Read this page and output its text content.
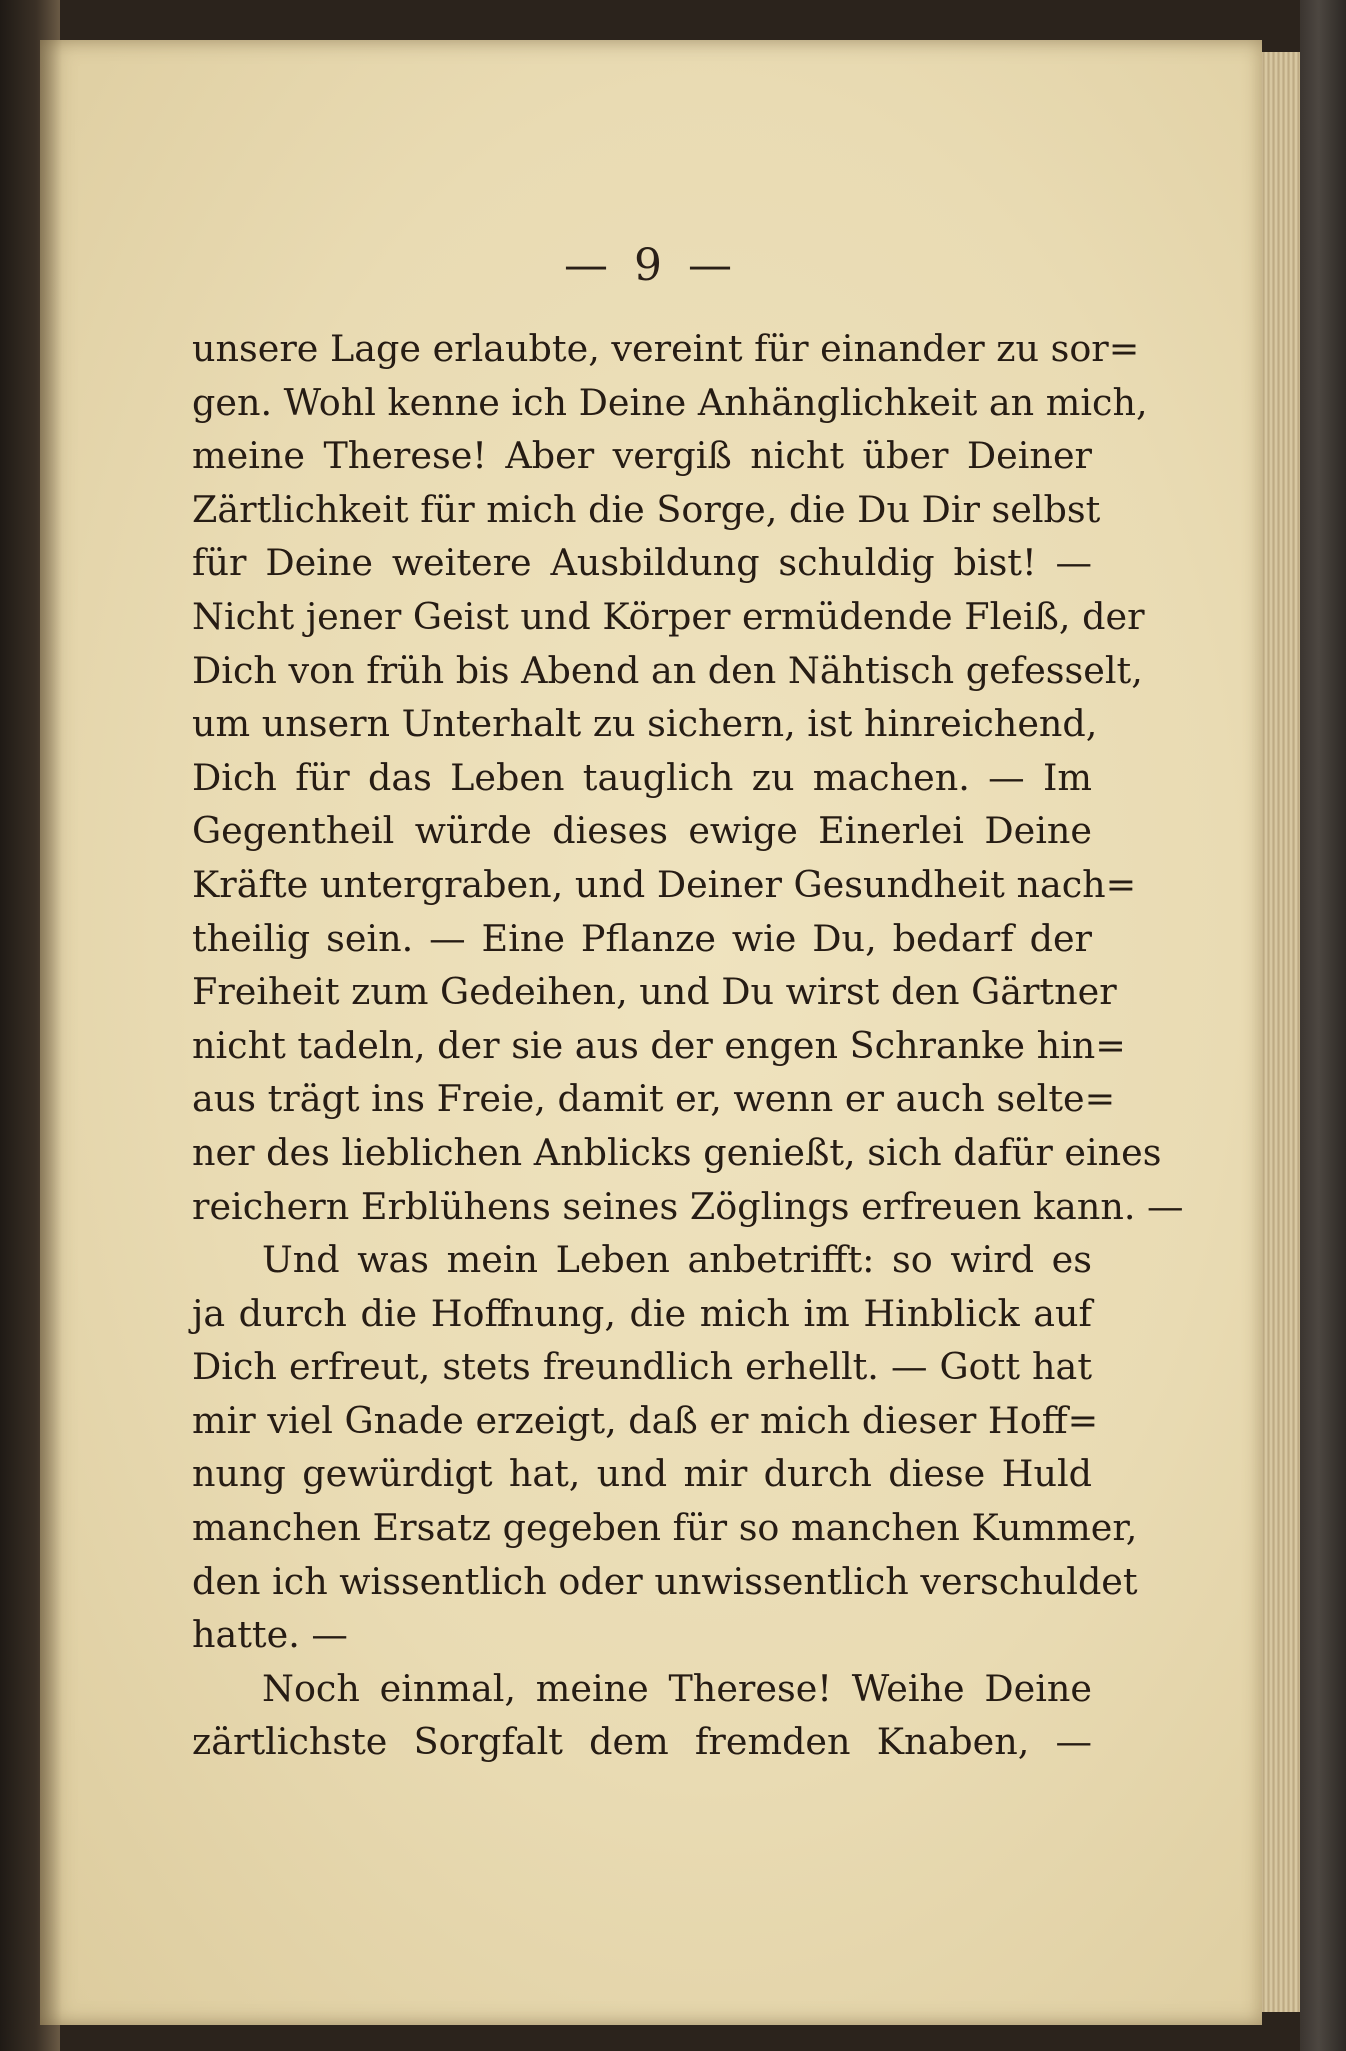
— 9 —
unsere Lage erlaubte, vereint für einander zu sor=
gen. Wohl kenne ich Deine Anhänglichkeit an mich,
meine Therese! Aber vergiß nicht über Deiner
Zärtlichkeit für mich die Sorge, die Du Dir selbst
für Deine weitere Ausbildung schuldig bist! —
Nicht jener Geist und Körper ermüdende Fleiß, der
Dich von früh bis Abend an den Nähtisch gefesselt,
um unsern Unterhalt zu sichern, ist hinreichend,
Dich für das Leben tauglich zu machen. — Im
Gegentheil würde dieses ewige Einerlei Deine
Kräfte untergraben, und Deiner Gesundheit nach=
theilig sein. — Eine Pflanze wie Du, bedarf der
Freiheit zum Gedeihen, und Du wirst den Gärtner
nicht tadeln, der sie aus der engen Schranke hin=
aus trägt ins Freie, damit er, wenn er auch selte=
ner des lieblichen Anblicks genießt, sich dafür eines
reichern Erblühens seines Zöglings erfreuen kann. —
Und was mein Leben anbetrifft: so wird es
ja durch die Hoffnung, die mich im Hinblick auf
Dich erfreut, stets freundlich erhellt. — Gott hat
mir viel Gnade erzeigt, daß er mich dieser Hoff=
nung gewürdigt hat, und mir durch diese Huld
manchen Ersatz gegeben für so manchen Kummer,
den ich wissentlich oder unwissentlich verschuldet
hatte. —
Noch einmal, meine Therese! Weihe Deine
zärtlichste Sorgfalt dem fremden Knaben, —
